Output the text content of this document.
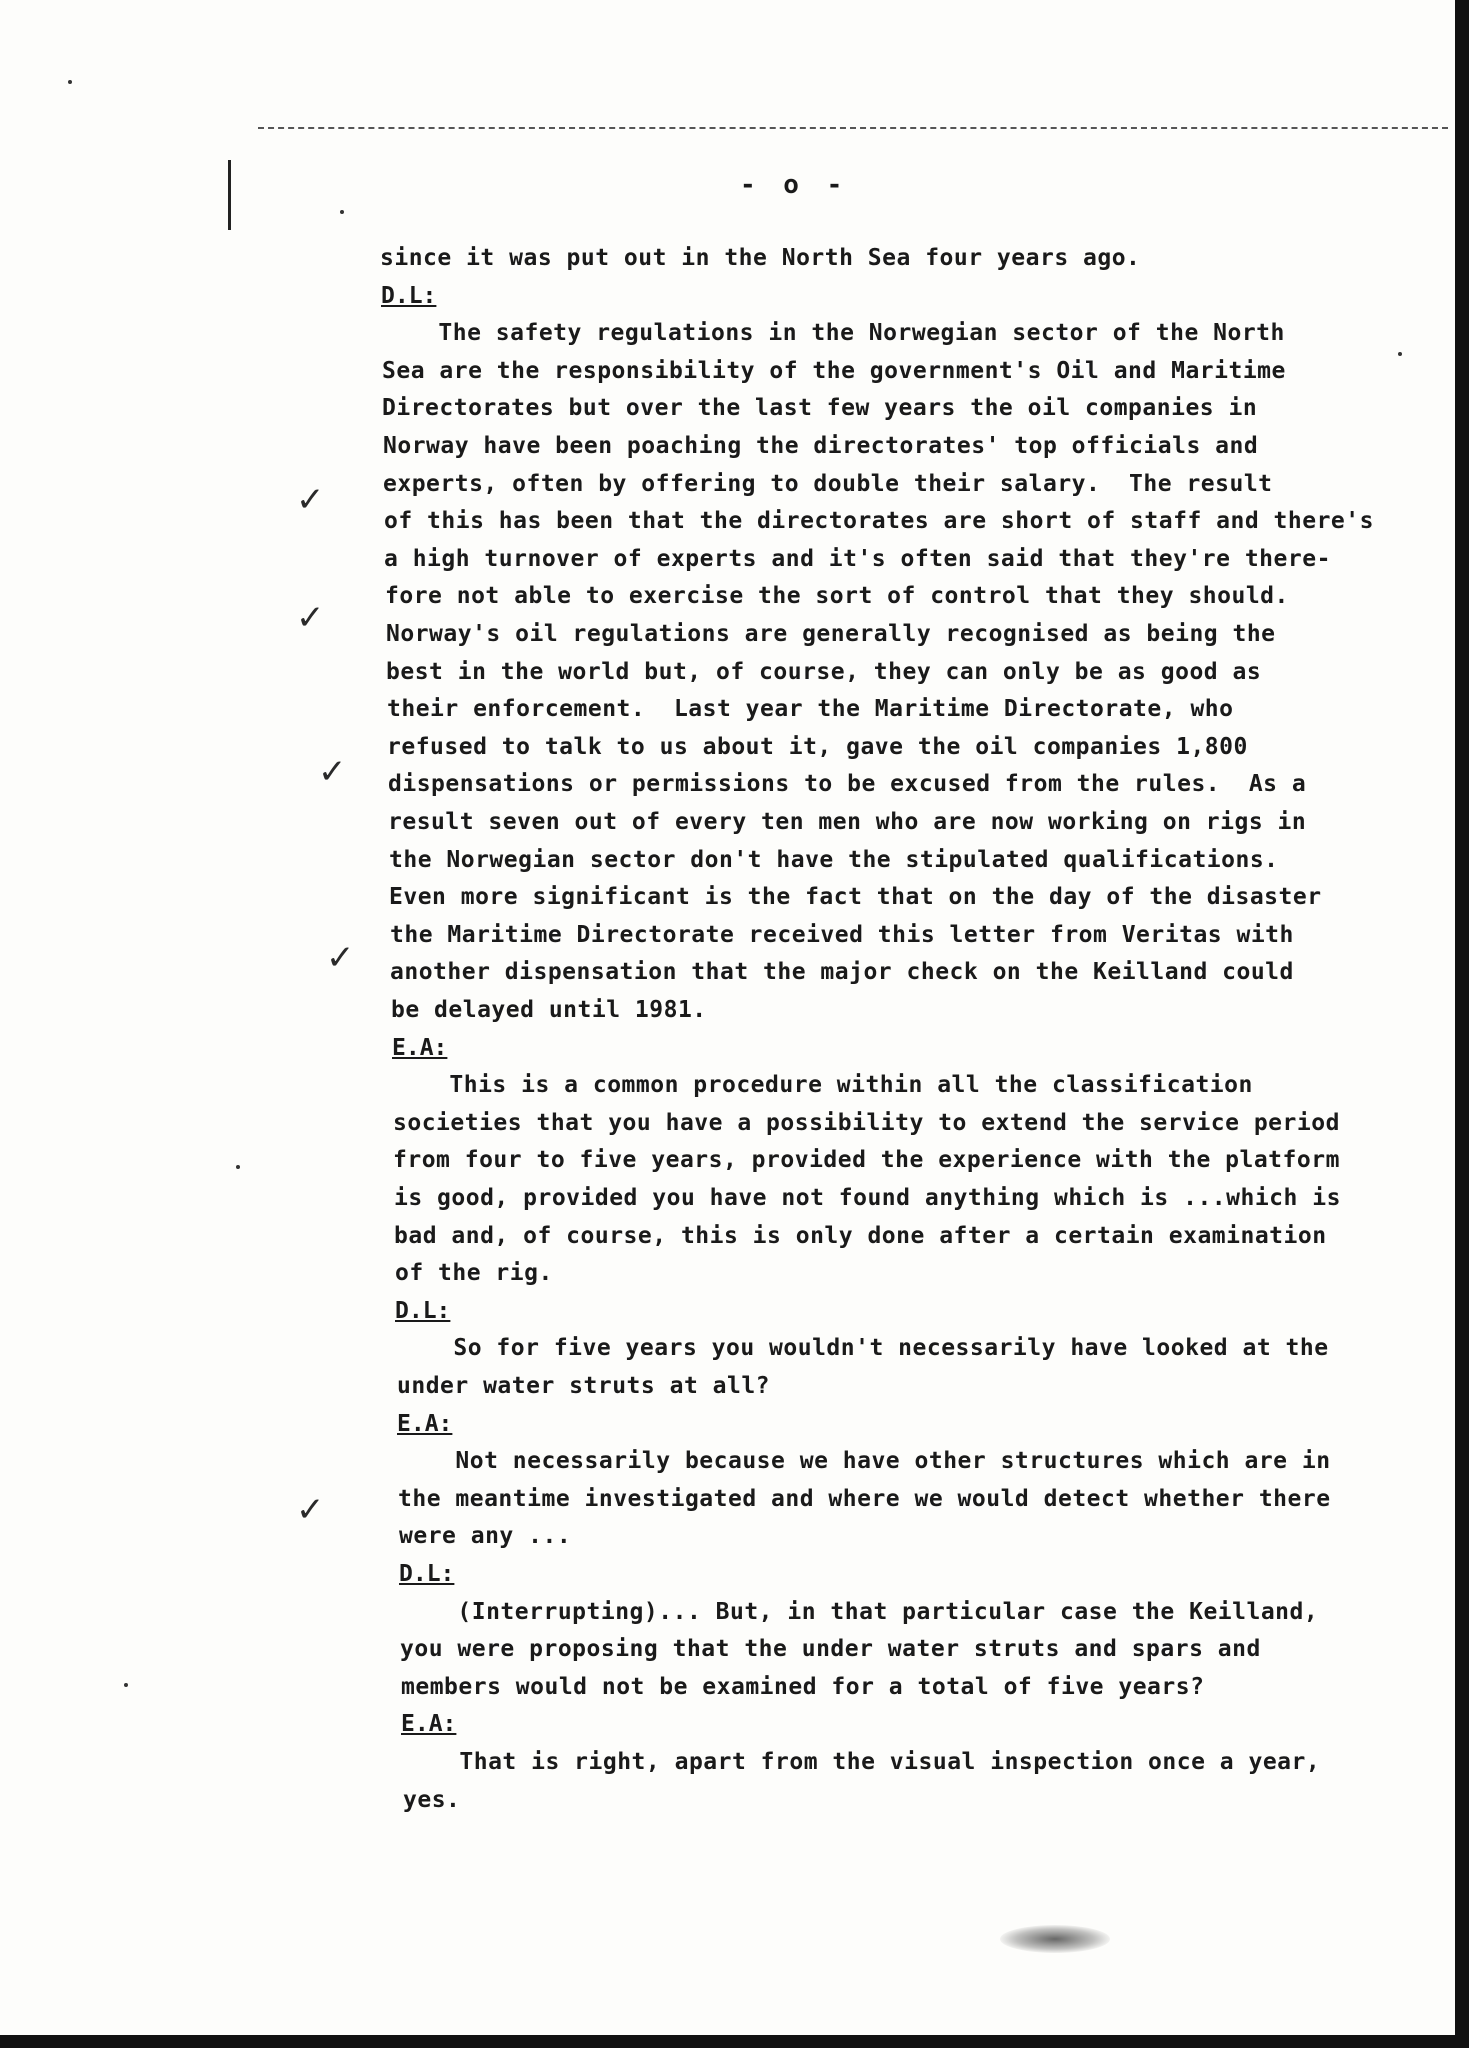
- o -
since it was put out in the North Sea four years ago.
D.L:
The safety regulations in the Norwegian sector of the North
Sea are the responsibility of the government's Oil and Maritime
Directorates but over the last few years the oil companies in
Norway have been poaching the directorates' top officials and
experts, often by offering to double their salary.  The result
of this has been that the directorates are short of staff and there's
a high turnover of experts and it's often said that they're there-
fore not able to exercise the sort of control that they should.
Norway's oil regulations are generally recognised as being the
best in the world but, of course, they can only be as good as
their enforcement.  Last year the Maritime Directorate, who
refused to talk to us about it, gave the oil companies 1,800
dispensations or permissions to be excused from the rules.  As a
result seven out of every ten men who are now working on rigs in
the Norwegian sector don't have the stipulated qualifications.
Even more significant is the fact that on the day of the disaster
the Maritime Directorate received this letter from Veritas with
another dispensation that the major check on the Keilland could
be delayed until 1981.
E.A:
This is a common procedure within all the classification
societies that you have a possibility to extend the service period
from four to five years, provided the experience with the platform
is good, provided you have not found anything which is ...which is
bad and, of course, this is only done after a certain examination
of the rig.
D.L:
So for five years you wouldn't necessarily have looked at the
under water struts at all?
E.A:
Not necessarily because we have other structures which are in
the meantime investigated and where we would detect whether there
were any ...
D.L:
(Interrupting)... But, in that particular case the Keilland,
you were proposing that the under water struts and spars and
members would not be examined for a total of five years?
E.A:
That is right, apart from the visual inspection once a year,
yes.
✓
✓
✓
✓
✓
